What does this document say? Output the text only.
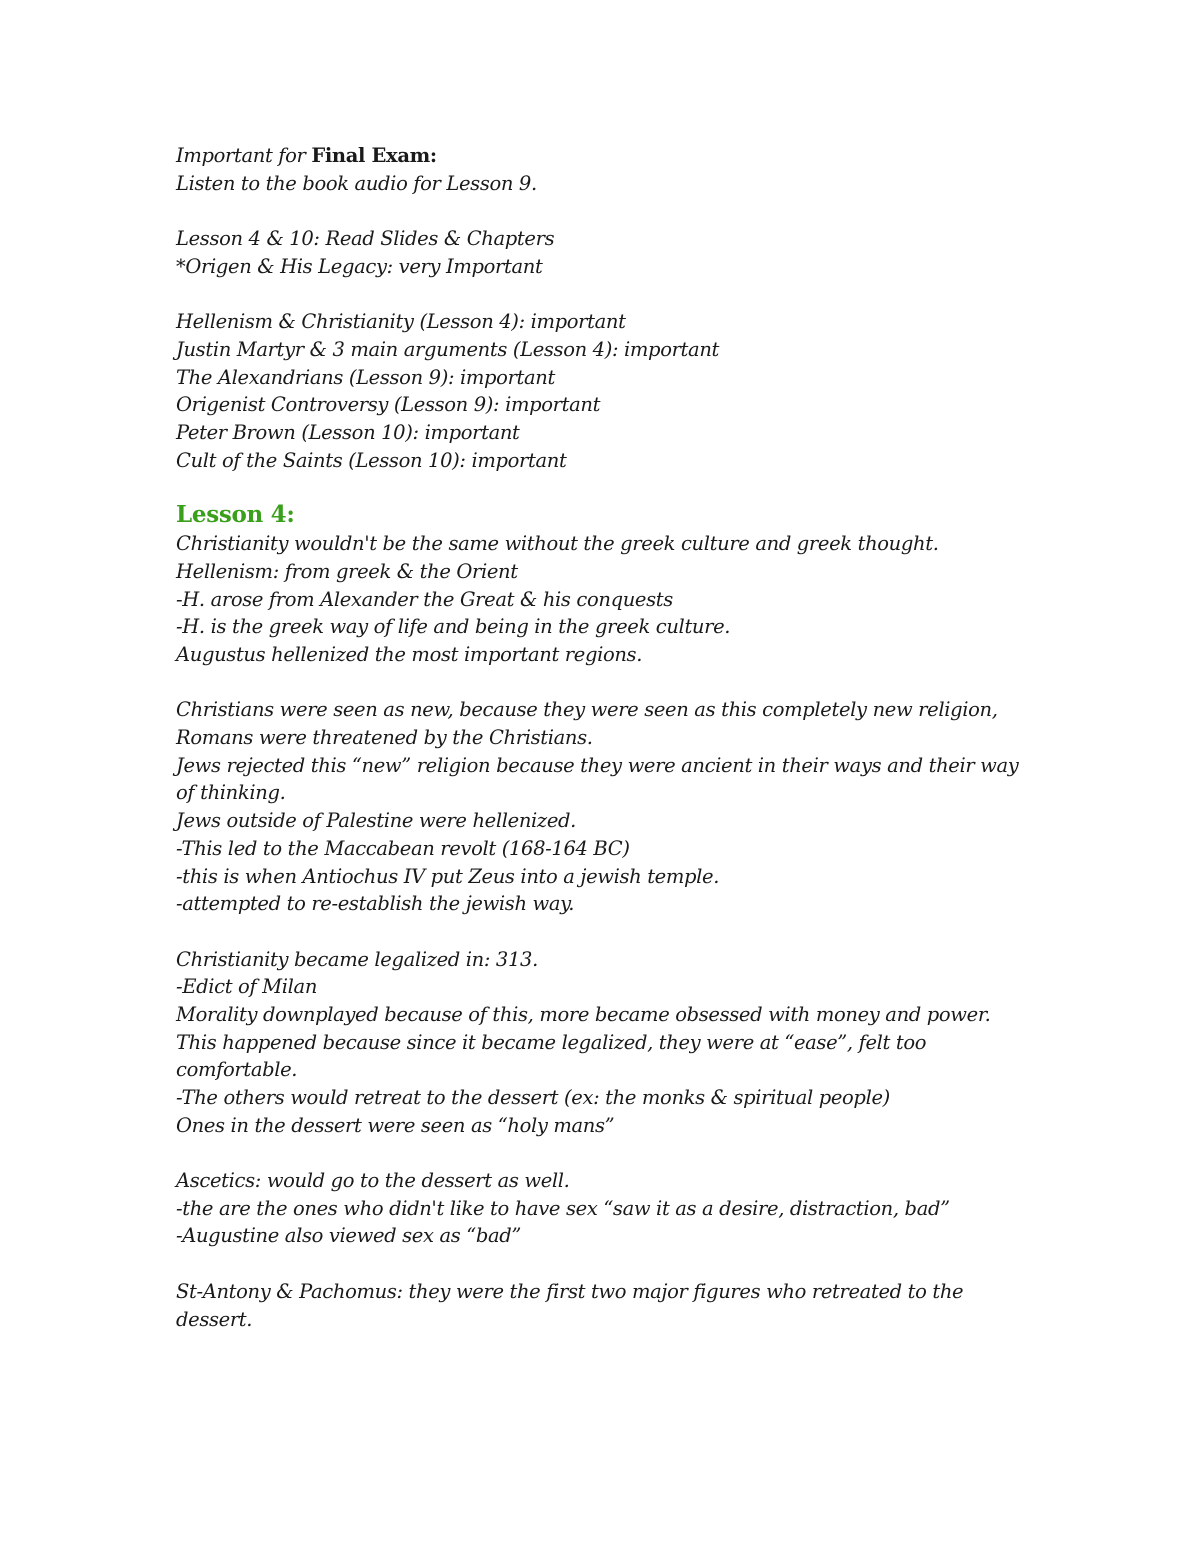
Important for Final Exam:
Listen to the book audio for Lesson 9.
Lesson 4 & 10: Read Slides & Chapters
*Origen & His Legacy: very Important
Hellenism & Christianity (Lesson 4): important
Justin Martyr & 3 main arguments (Lesson 4): important
The Alexandrians (Lesson 9): important
Origenist Controversy (Lesson 9): important
Peter Brown (Lesson 10): important
Cult of the Saints (Lesson 10): important
Lesson 4:
Christianity wouldn't be the same without the greek culture and greek thought.
Hellenism: from greek & the Orient
-H. arose from Alexander the Great & his conquests
-H. is the greek way of life and being in the greek culture.
Augustus hellenized the most important regions.
Christians were seen as new, because they were seen as this completely new religion,
Romans were threatened by the Christians.
Jews rejected this “new” religion because they were ancient in their ways and their way
of thinking.
Jews outside of Palestine were hellenized.
-This led to the Maccabean revolt (168-164 BC)
-this is when Antiochus IV put Zeus into a jewish temple.
-attempted to re-establish the jewish way.
Christianity became legalized in: 313.
-Edict of Milan
Morality downplayed because of this, more became obsessed with money and power.
This happened because since it became legalized, they were at “ease”, felt too
comfortable.
-The others would retreat to the dessert (ex: the monks & spiritual people)
Ones in the dessert were seen as “holy mans”
Ascetics: would go to the dessert as well.
-the are the ones who didn't like to have sex “saw it as a desire, distraction, bad”
-Augustine also viewed sex as “bad”
St-Antony & Pachomus: they were the first two major figures who retreated to the
dessert.
